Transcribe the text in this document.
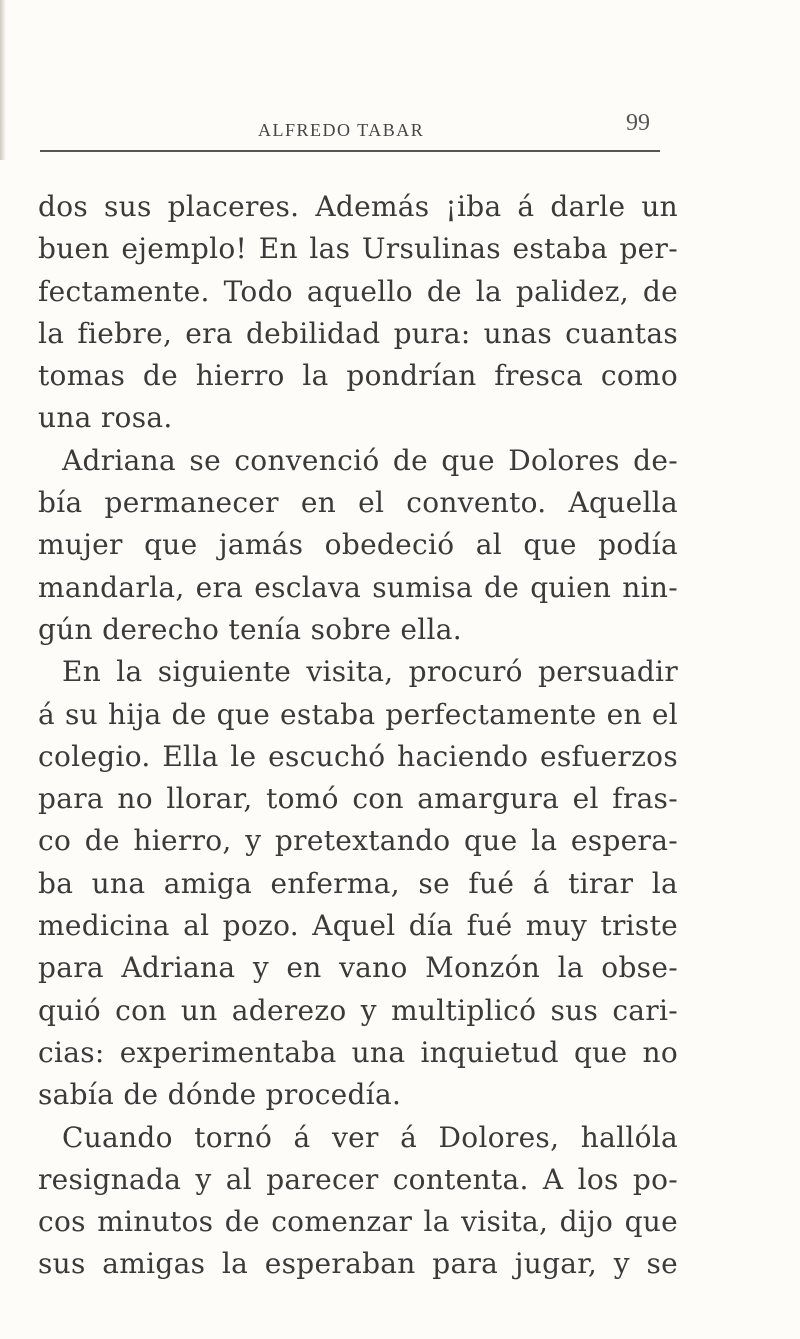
ALFREDO TABAR	99
dos sus placeres. Además ¡iba á darle un
buen ejemplo! En las Ursulinas estaba per-
fectamente. Todo aquello de la palidez, de
la fiebre, era debilidad pura: unas cuantas
tomas de hierro la pondrían fresca como
una rosa.
Adriana se convenció de que Dolores de-
bía permanecer en el convento. Aquella
mujer que jamás obedeció al que podía
mandarla, era esclava sumisa de quien nin-
gún derecho tenía sobre ella.
En la siguiente visita, procuró persuadir
á su hija de que estaba perfectamente en el
colegio. Ella le escuchó haciendo esfuerzos
para no llorar, tomó con amargura el fras-
co de hierro, y pretextando que la espera-
ba una amiga enferma, se fué á tirar la
medicina al pozo. Aquel día fué muy triste
para Adriana y en vano Monzón la obse-
quió con un aderezo y multiplicó sus cari-
cias: experimentaba una inquietud que no
sabía de dónde procedía.
Cuando tornó á ver á Dolores, hallóla
resignada y al parecer contenta. A los po-
cos minutos de comenzar la visita, dijo que
sus amigas la esperaban para jugar, y se
